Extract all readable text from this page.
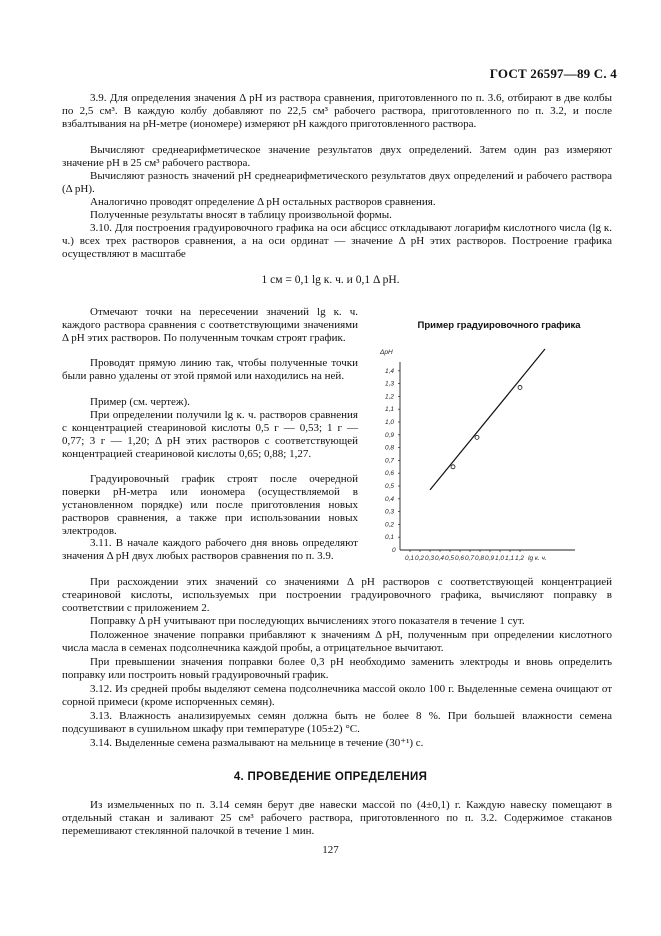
ГОСТ 26597—89 С. 4

3.9. Для определения значения Δ pH из раствора сравнения, приготовленного по п. 3.6, отбирают в две колбы по 2,5 см³. В каждую колбу добавляют по 22,5 см³ рабочего раствора, приготовленного по п. 3.2, и после взбалтывания на pH-метре (иономере) измеряют pH каждого приготовленного раствора.

Вычисляют среднеарифметическое значение результатов двух определений. Затем один раз измеряют значение pH в 25 см³ рабочего раствора.

Вычисляют разность значений pH среднеарифметического результатов двух определений и рабочего раствора (Δ pH).

Аналогично проводят определение Δ pH остальных растворов сравнения.

Полученные результаты вносят в таблицу произвольной формы.

3.10. Для построения градуировочного графика на оси абсцисс откладывают логарифм кислотного числа (lg к. ч.) всех трех растворов сравнения, а на оси ординат — значение Δ pH этих растворов. Построение графика осуществляют в масштабе

1 см = 0,1 lg к. ч. и 0,1 Δ pH.

Отмечают точки на пересечении значений lg к. ч. каждого раствора сравнения с соответствующими значениями Δ pH этих растворов. По полученным точкам строят график.

Проводят прямую линию так, чтобы полученные точки были равно удалены от этой прямой или находились на ней.

Пример (см. чертеж).

При определении получили lg к. ч. растворов сравнения с концентрацией стеариновой кислоты 0,5 г — 0,53; 1 г — 0,77; 3 г — 1,20; Δ pH этих растворов с соответствующей концентрацией стеариновой кислоты 0,65; 0,88; 1,27.

Градуировочный график строят после очередной поверки pH-метра или иономера (осуществляемой в установленном порядке) или после приготовления новых растворов сравнения, а также при использовании новых электродов.

3.11. В начале каждого рабочего дня вновь определяют значения Δ pH двух любых растворов сравнения по п. 3.9.

Пример градуировочного графика
0
0,1
0,2
0,3
0,4
0,5
0,6
0,7
0,8
0,9
1,0
1,1
1,2
1,3
1,4
0,1 0,2 0,3 0,4 0,5 0,6 0,7 0,8 0,9 1,0 1,1 1,2
ΔpH
lg к. ч.

При расхождении этих значений со значениями Δ pH растворов с соответствующей концентрацией стеариновой кислоты, используемых при построении градуировочного графика, вычисляют поправку в соответствии с приложением 2.

Поправку Δ pH учитывают при последующих вычислениях этого показателя в течение 1 сут.

Положенное значение поправки прибавляют к значениям Δ pH, полученным при определении кислотного числа масла в семенах подсолнечника каждой пробы, а отрицательное вычитают.

При превышении значения поправки более 0,3 pH необходимо заменить электроды и вновь определить поправку или построить новый градуировочный график.

3.12. Из средней пробы выделяют семена подсолнечника массой около 100 г. Выделенные семена очищают от сорной примеси (кроме испорченных семян).

3.13. Влажность анализируемых семян должна быть не более 8 %. При большей влажности семена подсушивают в сушильном шкафу при температуре (105±2) °C.

3.14. Выделенные семена размалывают на мельнице в течение (30⁺¹) с.

4. ПРОВЕДЕНИЕ ОПРЕДЕЛЕНИЯ

Из измельченных по п. 3.14 семян берут две навески массой по (4±0,1) г. Каждую навеску помещают в отдельный стакан и заливают 25 см³ рабочего раствора, приготовленного по п. 3.2. Содержимое стаканов перемешивают стеклянной палочкой в течение 1 мин.

127
